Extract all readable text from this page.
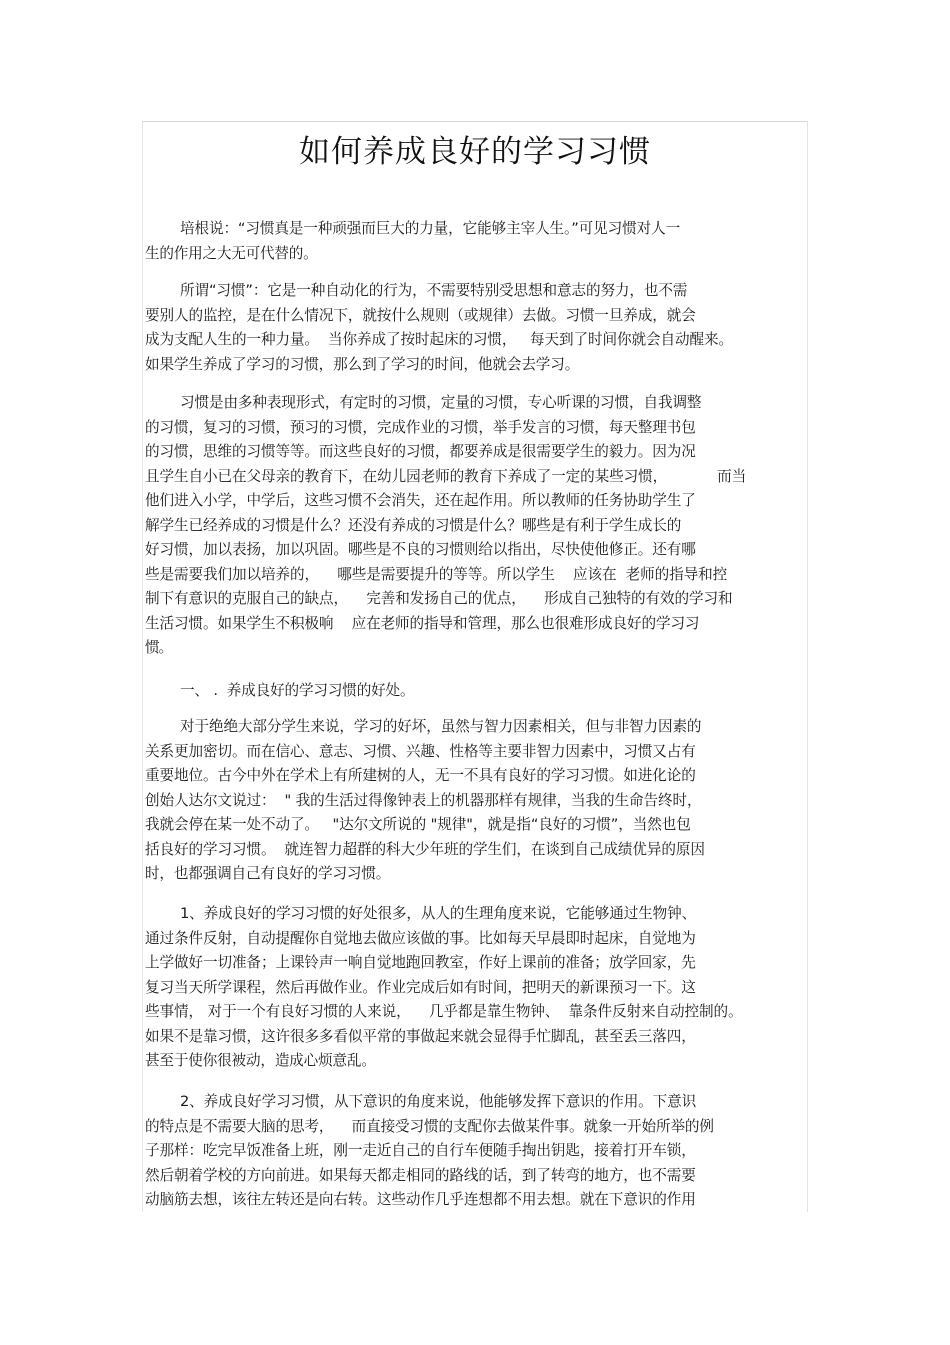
如何养成良好的学习习惯
培根说：“习惯真是一种顽强而巨大的力量，它能够主宰人生。”可见习惯对人一
生的作用之大无可代替的。
所谓“习惯”：它是一种自动化的行为，不需要特别受思想和意志的努力，也不需
要别人的监控，是在什么情况下，就按什么规则（或规律）去做。习惯一旦养成，就会
成为支配人生的一种力量。  当你养成了按时起床的习惯，   每天到了时间你就会自动醒来。
如果学生养成了学习的习惯，那么到了学习的时间，他就会去学习。
习惯是由多种表现形式，有定时的习惯，定量的习惯，专心听课的习惯，自我调整
的习惯，复习的习惯，预习的习惯，完成作业的习惯，举手发言的习惯，每天整理书包
的习惯，思维的习惯等等。而这些良好的习惯，都要养成是很需要学生的毅力。因为况
且学生自小已在父母亲的教育下，在幼儿园老师的教育下养成了一定的某些习惯，           而当
他们进入小学，中学后，这些习惯不会消失，还在起作用。所以教师的任务协助学生了
解学生已经养成的习惯是什么？还没有养成的习惯是什么？哪些是有利于学生成长的
好习惯，加以表扬，加以巩固。哪些是不良的习惯则给以指出，尽快使他修正。还有哪
些是需要我们加以培养的，    哪些是需要提升的等等。所以学生    应该在  老师的指导和控
制下有意识的克服自己的缺点，    完善和发扬自己的优点，    形成自己独特的有效的学习和
生活习惯。如果学生不积极响    应在老师的指导和管理，那么也很难形成良好的学习习
惯。
一、 .  养成良好的学习习惯的好处。
对于绝绝大部分学生来说，学习的好坏，虽然与智力因素相关，但与非智力因素的
关系更加密切。而在信心、意志、习惯、兴趣、性格等主要非智力因素中，习惯又占有
重要地位。古今中外在学术上有所建树的人，无一不具有良好的学习习惯。如进化论的
创始人达尔文说过：  " 我的生活过得像钟表上的机器那样有规律，当我的生命告终时，
我就会停在某一处不动了。   "达尔文所说的 "规律"，就是指“良好的习惯”，当然也包
括良好的学习习惯。  就连智力超群的科大少年班的学生们，在谈到自己成绩优异的原因
时，也都强调自己有良好的学习习惯。
1、养成良好的学习习惯的好处很多，从人的生理角度来说，它能够通过生物钟、
通过条件反射，自动提醒你自觉地去做应该做的事。比如每天早晨即时起床，自觉地为
上学做好一切准备；上课铃声一响自觉地跑回教室，作好上课前的准备；放学回家，先
复习当天所学课程，然后再做作业。作业完成后如有时间，把明天的新课预习一下。这
些事情， 对于一个有良好习惯的人来说，    几乎都是靠生物钟、  靠条件反射来自动控制的。
如果不是靠习惯，这许很多多看似平常的事做起来就会显得手忙脚乱，甚至丢三落四，
甚至于使你很被动，造成心烦意乱。
2、养成良好学习习惯，从下意识的角度来说，他能够发挥下意识的作用。下意识
的特点是不需要大脑的思考，    而直接受习惯的支配你去做某件事。就象一开始所举的例
子那样：吃完早饭准备上班，刚一走近自己的自行车便随手掏出钥匙，接着打开车锁，
然后朝着学校的方向前进。如果每天都走相同的路线的话，到了转弯的地方，也不需要
动脑筋去想，该往左转还是向右转。这些动作几乎连想都不用去想。就在下意识的作用
